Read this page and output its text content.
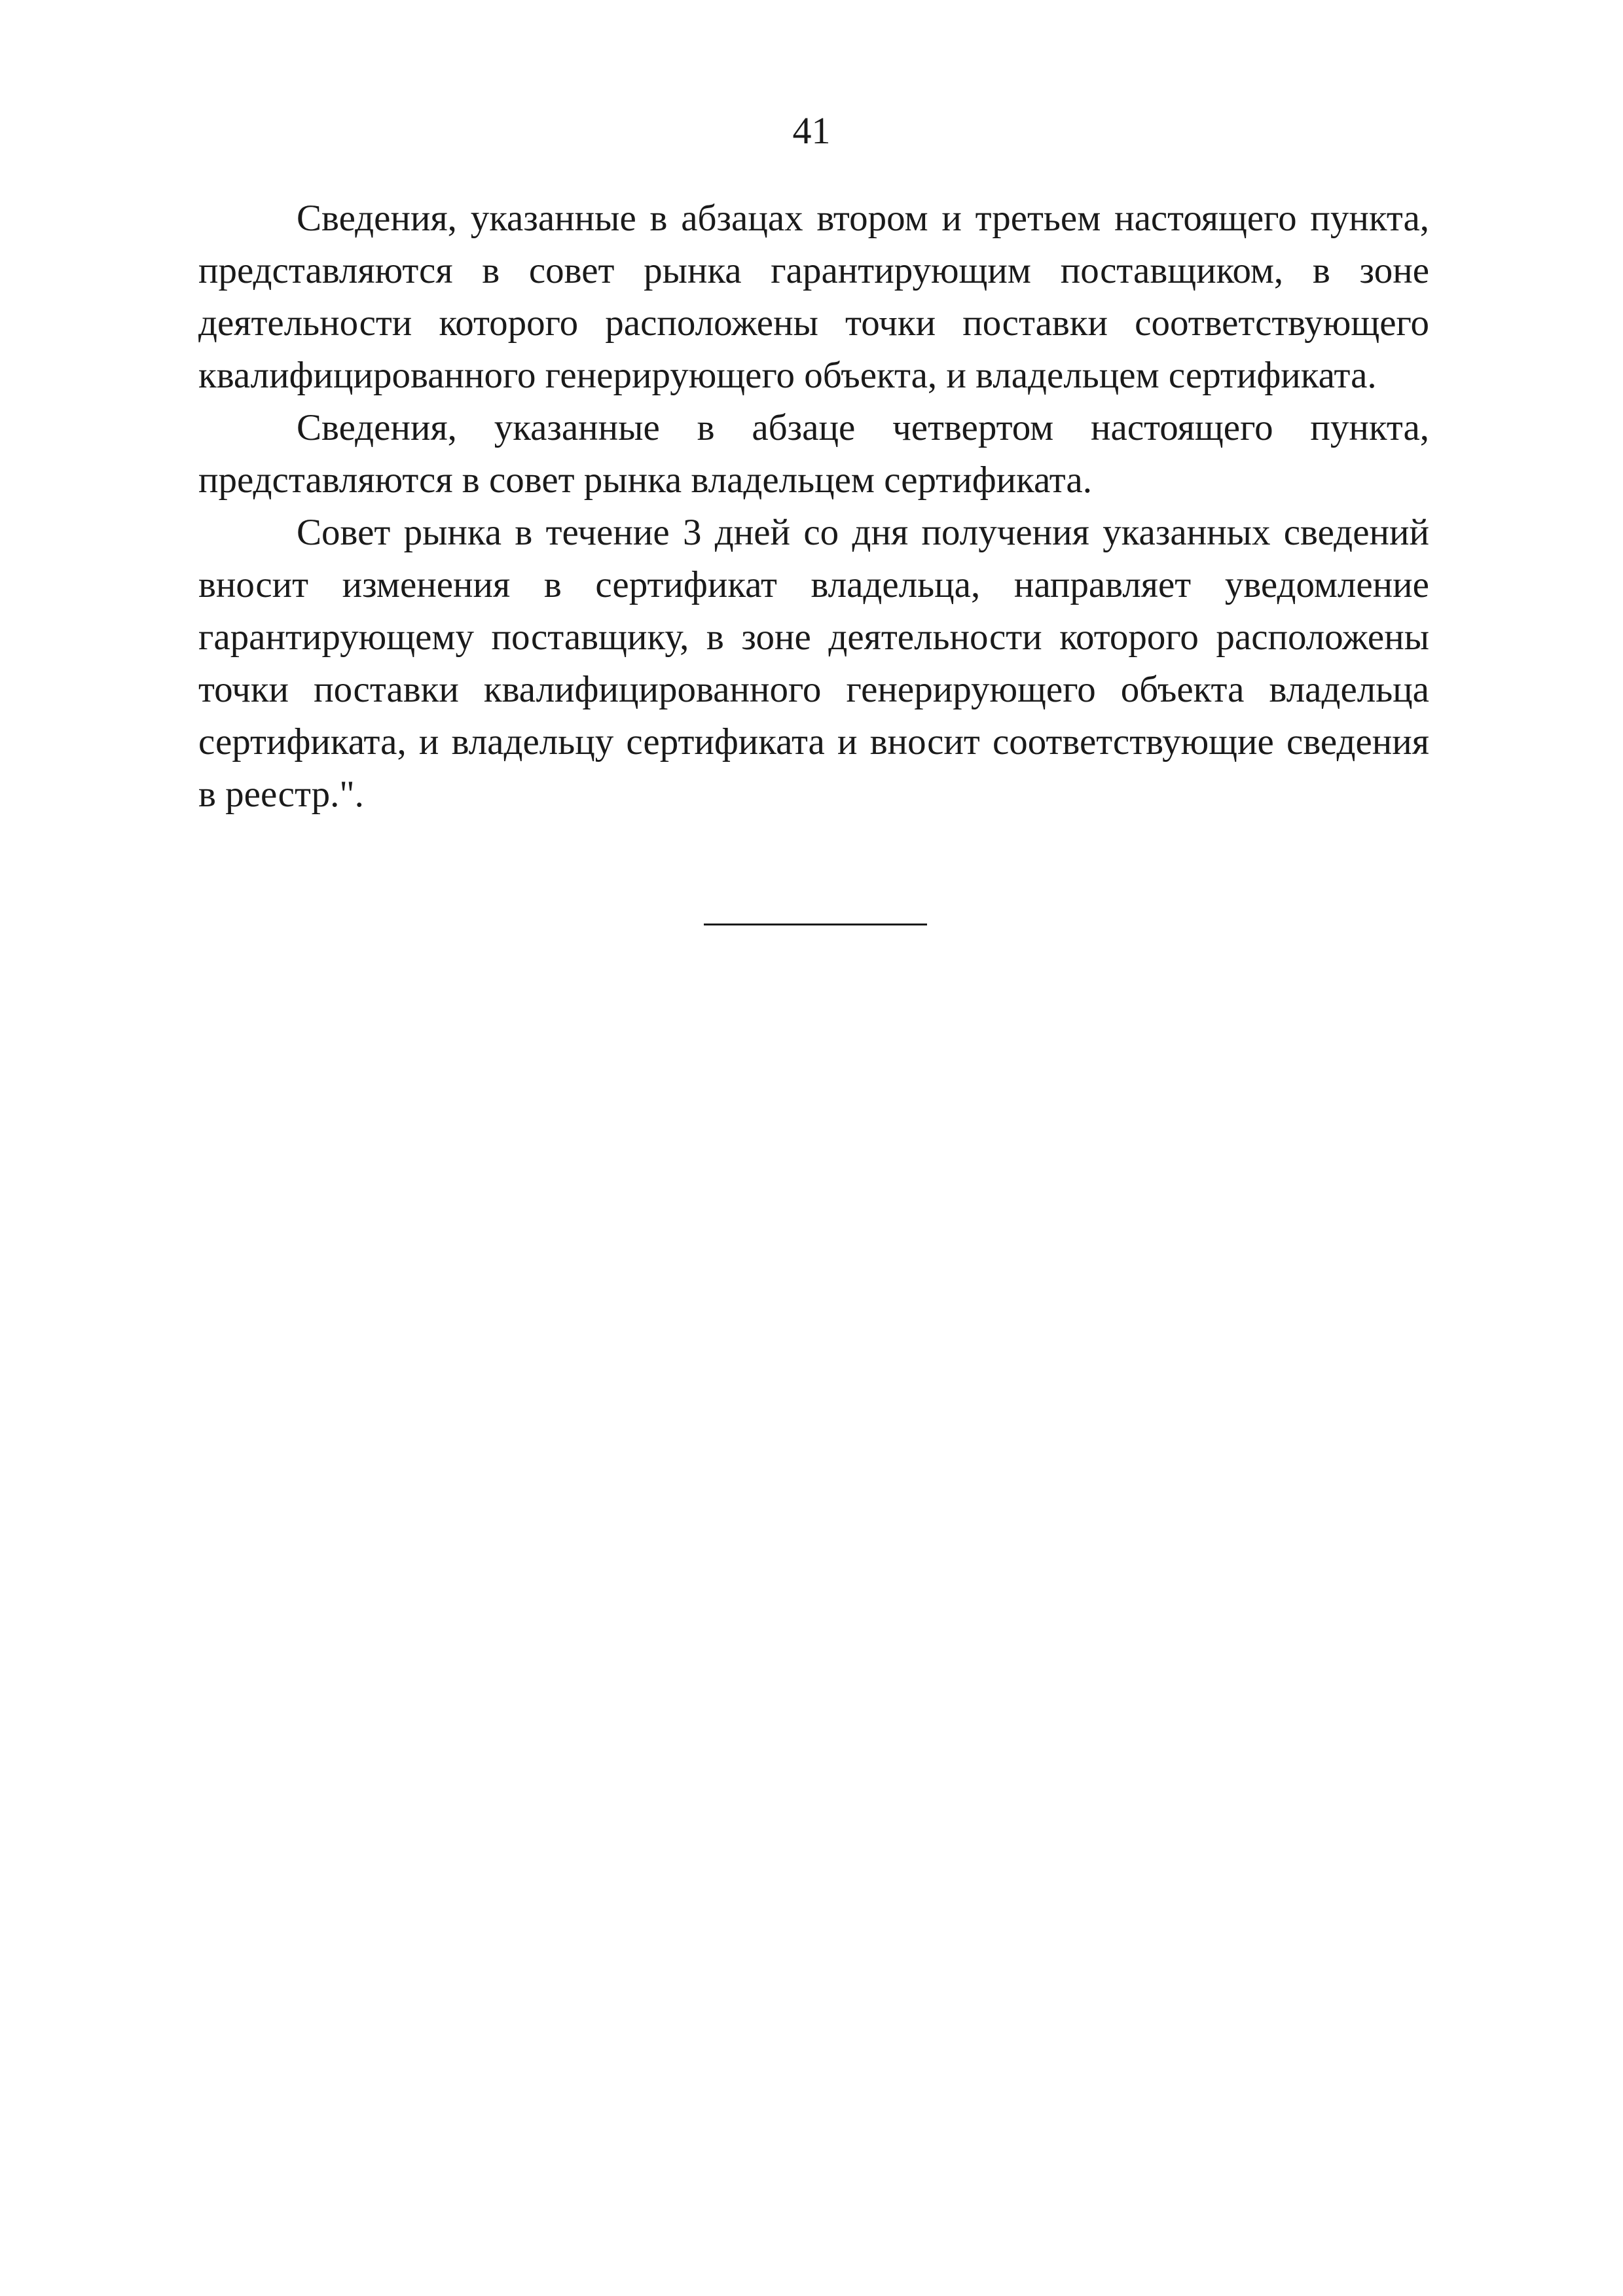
41

Сведения, указанные в абзацах втором и третьем настоящего пункта, представляются в совет рынка гарантирующим поставщиком, в зоне деятельности которого расположены точки поставки соответствующего квалифицированного генерирующего объекта, и владельцем сертификата.

Сведения, указанные в абзаце четвертом настоящего пункта, представляются в совет рынка владельцем сертификата.

Совет рынка в течение 3 дней со дня получения указанных сведений вносит изменения в сертификат владельца, направляет уведомление гарантирующему поставщику, в зоне деятельности которого расположены точки поставки квалифицированного генерирующего объекта владельца сертификата, и владельцу сертификата и вносит соответствующие сведения в реестр.".
